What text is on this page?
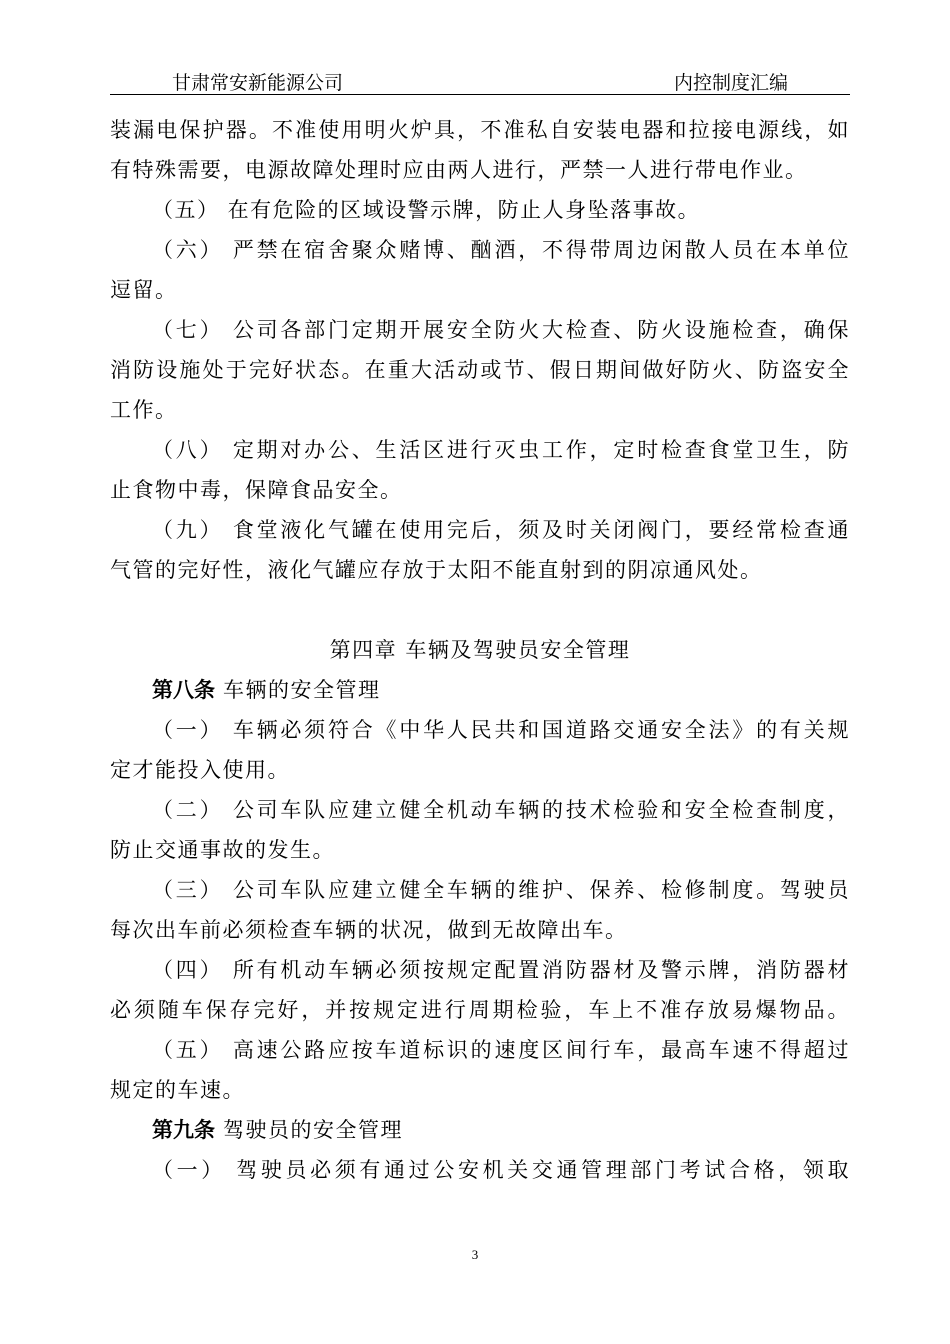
甘肃常安新能源公司	内控制度汇编
装漏电保护器。不准使用明火炉具，不准私自安装电器和拉接电源线，如
有特殊需要，电源故障处理时应由两人进行，严禁一人进行带电作业。
（五） 在有危险的区域设警示牌，防止人身坠落事故。
（六） 严禁在宿舍聚众赌博、酗酒，不得带周边闲散人员在本单位
逗留。
（七） 公司各部门定期开展安全防火大检查、防火设施检查，确保
消防设施处于完好状态。在重大活动或节、假日期间做好防火、防盗安全
工作。
（八） 定期对办公、生活区进行灭虫工作，定时检查食堂卫生，防
止食物中毒，保障食品安全。
（九） 食堂液化气罐在使用完后，须及时关闭阀门，要经常检查通
气管的完好性，液化气罐应存放于太阳不能直射到的阴凉通风处。
第四章 车辆及驾驶员安全管理
第八条 车辆的安全管理
（一） 车辆必须符合《中华人民共和国道路交通安全法》的有关规
定才能投入使用。
（二） 公司车队应建立健全机动车辆的技术检验和安全检查制度，
防止交通事故的发生。
（三） 公司车队应建立健全车辆的维护、保养、检修制度。驾驶员
每次出车前必须检查车辆的状况，做到无故障出车。
（四） 所有机动车辆必须按规定配置消防器材及警示牌，消防器材
必须随车保存完好，并按规定进行周期检验，车上不准存放易爆物品。
（五） 高速公路应按车道标识的速度区间行车，最高车速不得超过
规定的车速。
第九条 驾驶员的安全管理
（一） 驾驶员必须有通过公安机关交通管理部门考试合格，领取
3
